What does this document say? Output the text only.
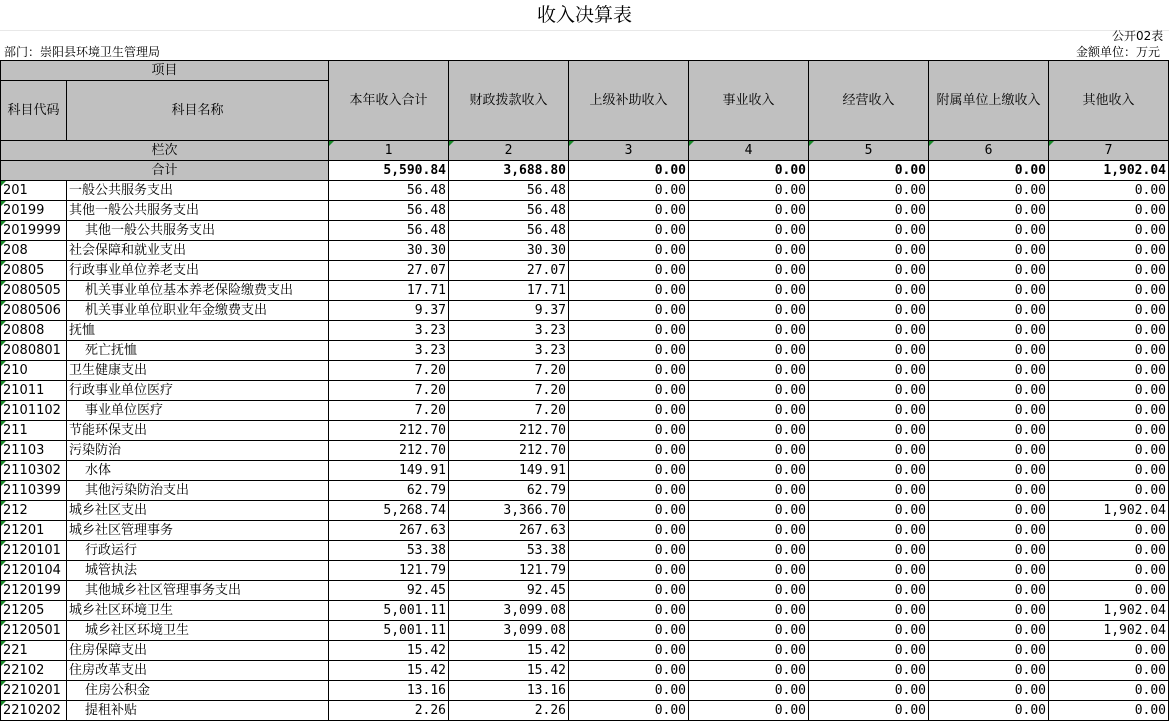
收入决算表
公开02表
部门：崇阳县环境卫生管理局	金额单位：万元
项目		本年收入合计	财政拨款收入	上级补助收入	事业收入	经营收入	附属单位上缴收入	其他收入
科目代码	科目名称							
栏次		1	2	3	4	5	6	7
合计		5,590.84	3,688.80	0.00	0.00	0.00	0.00	1,902.04
201	一般公共服务支出	56.48	56.48	0.00	0.00	0.00	0.00	0.00
20199	其他一般公共服务支出	56.48	56.48	0.00	0.00	0.00	0.00	0.00
2019999	其他一般公共服务支出	56.48	56.48	0.00	0.00	0.00	0.00	0.00
208	社会保障和就业支出	30.30	30.30	0.00	0.00	0.00	0.00	0.00
20805	行政事业单位养老支出	27.07	27.07	0.00	0.00	0.00	0.00	0.00
2080505	机关事业单位基本养老保险缴费支出	17.71	17.71	0.00	0.00	0.00	0.00	0.00
2080506	机关事业单位职业年金缴费支出	9.37	9.37	0.00	0.00	0.00	0.00	0.00
20808	抚恤	3.23	3.23	0.00	0.00	0.00	0.00	0.00
2080801	死亡抚恤	3.23	3.23	0.00	0.00	0.00	0.00	0.00
210	卫生健康支出	7.20	7.20	0.00	0.00	0.00	0.00	0.00
21011	行政事业单位医疗	7.20	7.20	0.00	0.00	0.00	0.00	0.00
2101102	事业单位医疗	7.20	7.20	0.00	0.00	0.00	0.00	0.00
211	节能环保支出	212.70	212.70	0.00	0.00	0.00	0.00	0.00
21103	污染防治	212.70	212.70	0.00	0.00	0.00	0.00	0.00
2110302	水体	149.91	149.91	0.00	0.00	0.00	0.00	0.00
2110399	其他污染防治支出	62.79	62.79	0.00	0.00	0.00	0.00	0.00
212	城乡社区支出	5,268.74	3,366.70	0.00	0.00	0.00	0.00	1,902.04
21201	城乡社区管理事务	267.63	267.63	0.00	0.00	0.00	0.00	0.00
2120101	行政运行	53.38	53.38	0.00	0.00	0.00	0.00	0.00
2120104	城管执法	121.79	121.79	0.00	0.00	0.00	0.00	0.00
2120199	其他城乡社区管理事务支出	92.45	92.45	0.00	0.00	0.00	0.00	0.00
21205	城乡社区环境卫生	5,001.11	3,099.08	0.00	0.00	0.00	0.00	1,902.04
2120501	城乡社区环境卫生	5,001.11	3,099.08	0.00	0.00	0.00	0.00	1,902.04
221	住房保障支出	15.42	15.42	0.00	0.00	0.00	0.00	0.00
22102	住房改革支出	15.42	15.42	0.00	0.00	0.00	0.00	0.00
2210201	住房公积金	13.16	13.16	0.00	0.00	0.00	0.00	0.00
2210202	提租补贴	2.26	2.26	0.00	0.00	0.00	0.00	0.00
